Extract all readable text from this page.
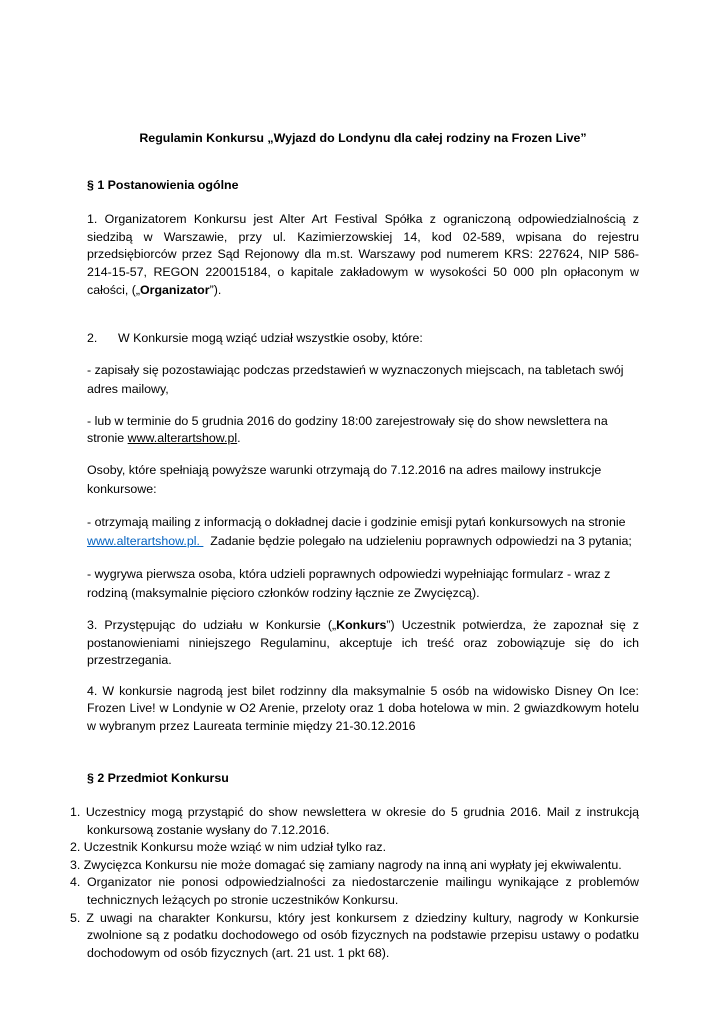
Regulamin Konkursu „Wyjazd do Londynu dla całej rodziny na Frozen Live”

§ 1 Postanowienia ogólne

1. Organizatorem Konkursu jest Alter Art Festival Spółka z ograniczoną odpowiedzialnością z siedzibą w Warszawie, przy ul. Kazimierzowskiej 14, kod 02-589, wpisana do rejestru przedsiębiorców przez Sąd Rejonowy dla m.st. Warszawy pod numerem KRS: 227624, NIP 586-214-15-57, REGON 220015184, o kapitale zakładowym w wysokości 50 000 pln opłaconym w całości, („Organizator”).

2.      W Konkursie mogą wziąć udział wszystkie osoby, które:

- zapisały się pozostawiając podczas przedstawień w wyznaczonych miejscach, na tabletach swój adres mailowy,

- lub w terminie do 5 grudnia 2016 do godziny 18:00 zarejestrowały się do show newslettera na stronie www.alterartshow.pl.

Osoby, które spełniają powyższe warunki otrzymają do 7.12.2016 na adres mailowy instrukcje konkursowe:

- otrzymają mailing z informacją o dokładnej dacie i godzinie emisji pytań konkursowych na stronie www.alterartshow.pl.   Zadanie będzie polegało na udzieleniu poprawnych odpowiedzi na 3 pytania;

- wygrywa pierwsza osoba, która udzieli poprawnych odpowiedzi wypełniając formularz - wraz z rodziną (maksymalnie pięcioro członków rodziny łącznie ze Zwycięzcą).

3. Przystępując do udziału w Konkursie („Konkurs”) Uczestnik potwierdza, że zapoznał się z postanowieniami niniejszego Regulaminu, akceptuje ich treść oraz zobowiązuje się do ich przestrzegania.

4. W konkursie nagrodą jest bilet rodzinny dla maksymalnie 5 osób na widowisko Disney On Ice: Frozen Live! w Londynie w O2 Arenie, przeloty oraz 1 doba hotelowa w min. 2 gwiazdkowym hotelu w wybranym przez Laureata terminie między 21-30.12.2016

§ 2 Przedmiot Konkursu

1. Uczestnicy mogą przystąpić do show newslettera w okresie do 5 grudnia 2016. Mail z instrukcją konkursową zostanie wysłany do 7.12.2016.
2. Uczestnik Konkursu może wziąć w nim udział tylko raz.
3. Zwycięzca Konkursu nie może domagać się zamiany nagrody na inną ani wypłaty jej ekwiwalentu.
4. Organizator nie ponosi odpowiedzialności za niedostarczenie mailingu wynikające z problemów technicznych leżących po stronie uczestników Konkursu.
5. Z uwagi na charakter Konkursu, który jest konkursem z dziedziny kultury, nagrody w Konkursie zwolnione są z podatku dochodowego od osób fizycznych na podstawie przepisu ustawy o podatku dochodowym od osób fizycznych (art. 21 ust. 1 pkt 68).
